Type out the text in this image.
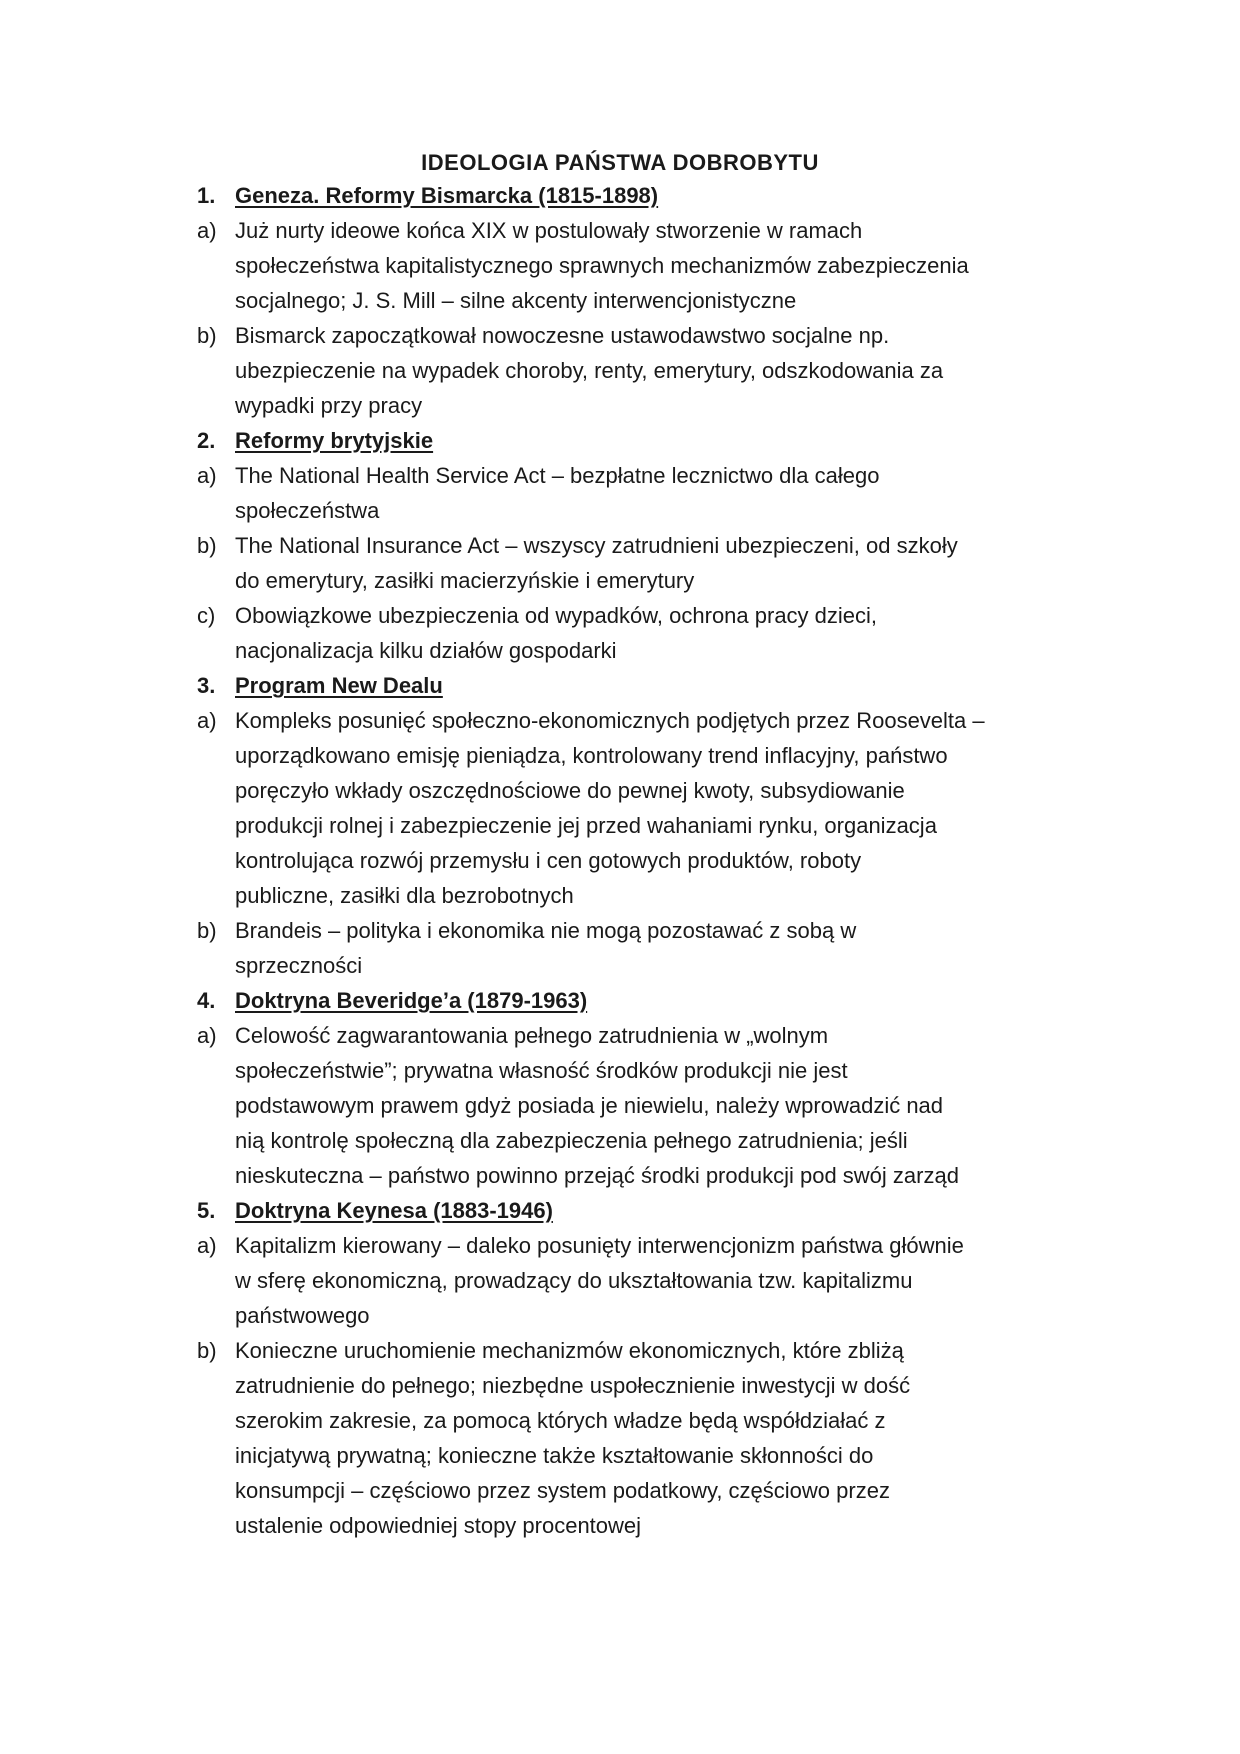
IDEOLOGIA PAŃSTWA DOBROBYTU
1. Geneza. Reformy Bismarcka (1815-1898)
a) Już nurty ideowe końca XIX w postulowały stworzenie w ramach
społeczeństwa kapitalistycznego sprawnych mechanizmów zabezpieczenia
socjalnego; J. S. Mill – silne akcenty interwencjonistyczne
b) Bismarck zapoczątkował nowoczesne ustawodawstwo socjalne np.
ubezpieczenie na wypadek choroby, renty, emerytury, odszkodowania za
wypadki przy pracy
2. Reformy brytyjskie
a) The National Health Service Act – bezpłatne lecznictwo dla całego
społeczeństwa
b) The National Insurance Act – wszyscy zatrudnieni ubezpieczeni, od szkoły
do emerytury, zasiłki macierzyńskie i emerytury
c) Obowiązkowe ubezpieczenia od wypadków, ochrona pracy dzieci,
nacjonalizacja kilku działów gospodarki
3. Program New Dealu
a) Kompleks posunięć społeczno-ekonomicznych podjętych przez Roosevelta –
uporządkowano emisję pieniądza, kontrolowany trend inflacyjny, państwo
poręczyło wkłady oszczędnościowe do pewnej kwoty, subsydiowanie
produkcji rolnej i zabezpieczenie jej przed wahaniami rynku, organizacja
kontrolująca rozwój przemysłu i cen gotowych produktów, roboty
publiczne, zasiłki dla bezrobotnych
b) Brandeis – polityka i ekonomika nie mogą pozostawać z sobą w
sprzeczności
4. Doktryna Beveridge’a (1879-1963)
a) Celowość zagwarantowania pełnego zatrudnienia w „wolnym
społeczeństwie”; prywatna własność środków produkcji nie jest
podstawowym prawem gdyż posiada je niewielu, należy wprowadzić nad
nią kontrolę społeczną dla zabezpieczenia pełnego zatrudnienia; jeśli
nieskuteczna – państwo powinno przejąć środki produkcji pod swój zarząd
5. Doktryna Keynesa (1883-1946)
a) Kapitalizm kierowany – daleko posunięty interwencjonizm państwa głównie
w sferę ekonomiczną, prowadzący do ukształtowania tzw. kapitalizmu
państwowego
b) Konieczne uruchomienie mechanizmów ekonomicznych, które zbliżą
zatrudnienie do pełnego; niezbędne uspołecznienie inwestycji w dość
szerokim zakresie, za pomocą których władze będą współdziałać z
inicjatywą prywatną; konieczne także kształtowanie skłonności do
konsumpcji – częściowo przez system podatkowy, częściowo przez
ustalenie odpowiedniej stopy procentowej
